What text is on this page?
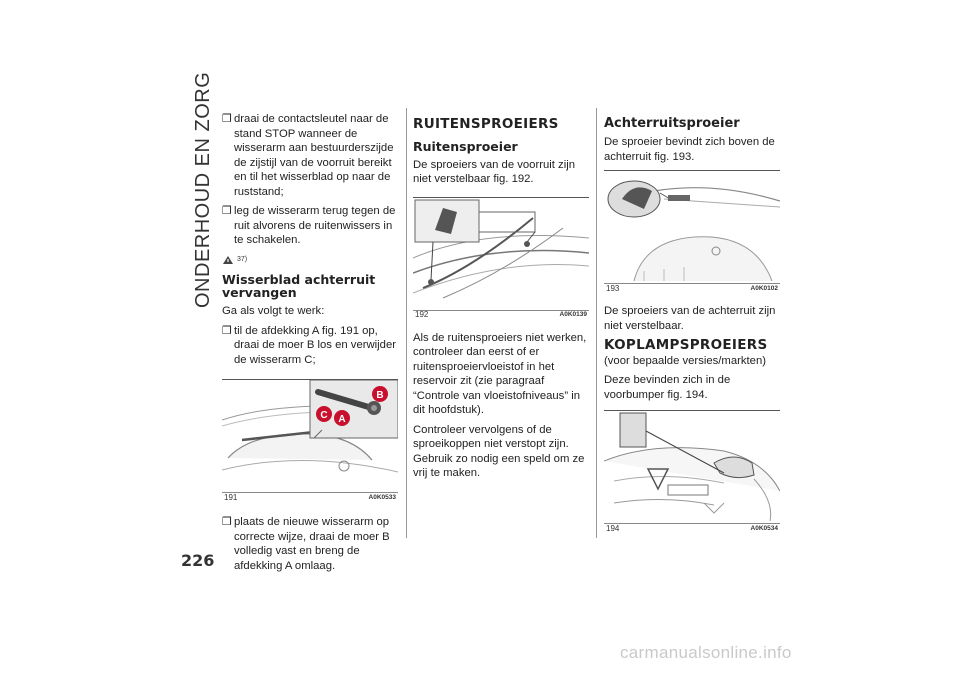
ONDERHOUD EN ZORG ❒ draai de contactsleutel naar de stand STOP wanneer de wisserarm aan bestuurderszijde de zijstijl van de voorruit bereikt en til het wisserblad op naar de ruststand;
❒ leg de wisserarm terug tegen de ruit alvorens de ruitenwissers in te schakelen.
37)
Wisserblad achterruit vervangen

Ga als volgt te werk:

❒ til de afdekking A fig. 191 op, draai de moer B los en verwijder de wisserarm C;
B
A
C
191	A0K0533
❒ plaats de nieuwe wisserarm op correcte wijze, draai de moer B volledig vast en breng de afdekking A omlaag.
RUITENSPROEIERS
Ruitensproeier

De sproeiers van de voorruit zijn niet verstelbaar fig. 192.

192	A0K0139

Als de ruitensproeiers niet werken, controleer dan eerst of er ruitensproeiervloeistof in het reservoir zit (zie paragraaf “Controle van vloeistofniveaus” in dit hoofdstuk).

Controleer vervolgens of de sproeikoppen niet verstopt zijn. Gebruik zo nodig een speld om ze vrij te maken.

Achterruitsproeier

De sproeier bevindt zich boven de achterruit fig. 193.

193	A0K0102

De sproeiers van de achterruit zijn niet verstelbaar.

KOPLAMPSPROEIERS

(voor bepaalde versies/markten)

Deze bevinden zich in de voorbumper fig. 194.

194	A0K0534
226
carmanualsonline.info
